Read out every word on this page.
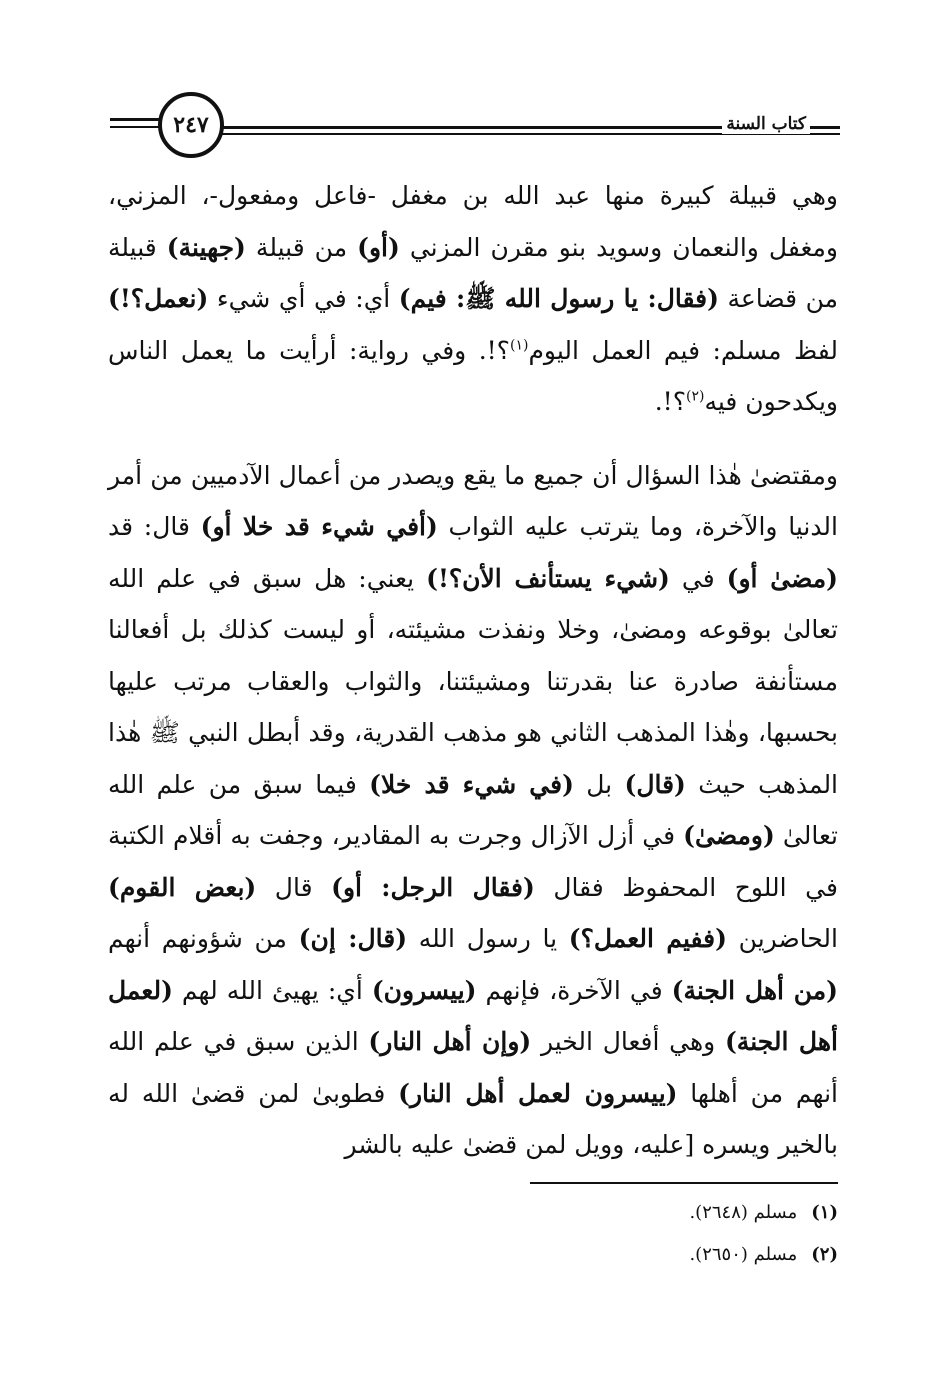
٢٤٧	كتاب السنة

وهي قبيلة كبيرة منها عبد الله بن مغفل -فاعل ومفعول-، المزني، ومغفل والنعمان وسويد بنو مقرن المزني (أو) من قبيلة (جهينة) قبيلة من قضاعة (فقال: يا رسول الله ﷺ: فيم) أي: في أي شيء (نعمل؟!) لفظ مسلم: فيم العمل اليوم$^{(١)}$؟!. وفي رواية: أرأيت ما يعمل الناس ويكدحون فيه$^{(٢)}$؟!.

ومقتضىٰ هٰذا السؤال أن جميع ما يقع ويصدر من أعمال الآدميين من أمر الدنيا والآخرة، وما يترتب عليه الثواب (أفي شيء قد خلا أو) قال: قد (مضىٰ أو) في (شيء يستأنف الأن؟!) يعني: هل سبق في علم الله تعالىٰ بوقوعه ومضىٰ، وخلا ونفذت مشيئته، أو ليست كذلك بل أفعالنا مستأنفة صادرة عنا بقدرتنا ومشيئتنا، والثواب والعقاب مرتب عليها بحسبها، وهٰذا المذهب الثاني هو مذهب القدرية، وقد أبطل النبي ﷺ هٰذا المذهب حيث (قال) بل (في شيء قد خلا) فيما سبق من علم الله تعالىٰ (ومضىٰ) في أزل الآزال وجرت به المقادير، وجفت به أقلام الكتبة في اللوح المحفوظ فقال (فقال الرجل: أو) قال (بعض القوم) الحاضرين (ففيم العمل؟) يا رسول الله (قال: إن) من شؤونهم أنهم (من أهل الجنة) في الآخرة، فإنهم (ييسرون) أي: يهيئ الله لهم (لعمل أهل الجنة) وهي أفعال الخير (وإن أهل النار) الذين سبق في علم الله أنهم من أهلها (ييسرون لعمل أهل النار) فطوبىٰ لمن قضىٰ الله له بالخير ويسره [عليه، وويل لمن قضىٰ عليه بالشر

(١)مسلم (٢٦٤٨).
(٢)مسلم (٢٦٥٠).
